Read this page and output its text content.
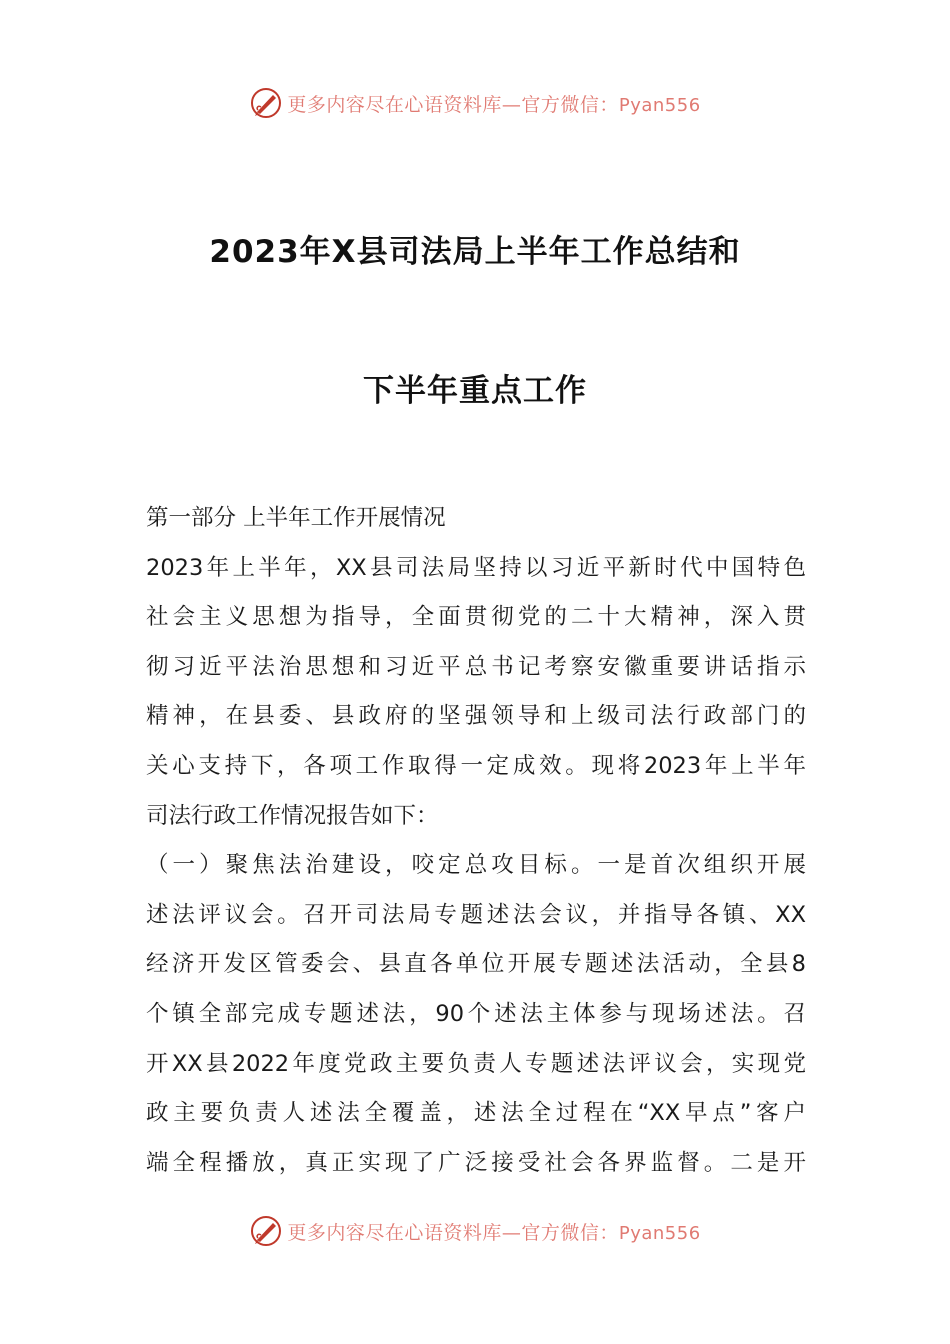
更多内容尽在心语资料库—官方微信：Pyan556
2023年X县司法局上半年工作总结和
下半年重点工作
第一部分 上半年工作开展情况
2023年上半年，XX县司法局坚持以习近平新时代中国特色
社会主义思想为指导，全面贯彻党的二十大精神，深入贯
彻习近平法治思想和习近平总书记考察安徽重要讲话指示
精神，在县委、县政府的坚强领导和上级司法行政部门的
关心支持下，各项工作取得一定成效。现将2023年上半年
司法行政工作情况报告如下：
（一）聚焦法治建设，咬定总攻目标。一是首次组织开展
述法评议会。召开司法局专题述法会议，并指导各镇、XX
经济开发区管委会、县直各单位开展专题述法活动，全县8
个镇全部完成专题述法，90个述法主体参与现场述法。召
开XX县2022年度党政主要负责人专题述法评议会，实现党
政主要负责人述法全覆盖，述法全过程在“XX早点”客户
端全程播放，真正实现了广泛接受社会各界监督。二是开
更多内容尽在心语资料库—官方微信：Pyan556
